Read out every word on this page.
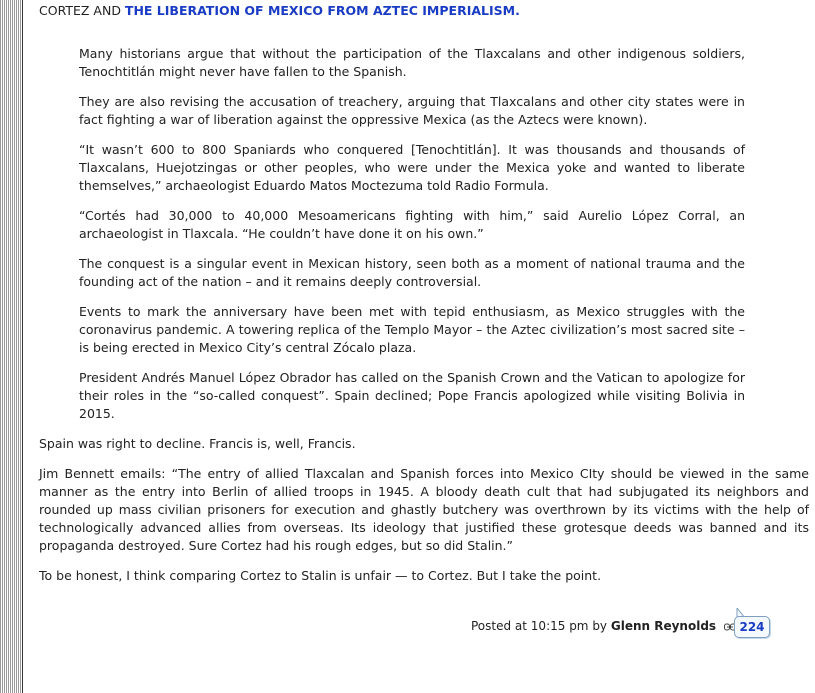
CORTEZ AND THE LIBERATION OF MEXICO FROM AZTEC IMPERIALISM.

Many historians argue that without the participation of the Tlaxcalans and other indigenous soldiers, Tenochtitlán might never have fallen to the Spanish.

They are also revising the accusation of treachery, arguing that Tlaxcalans and other city states were in fact fighting a war of liberation against the oppressive Mexica (as the Aztecs were known).

“It wasn’t 600 to 800 Spaniards who conquered [Tenochtitlán]. It was thousands and thousands of Tlaxcalans, Huejotzingas or other peoples, who were under the Mexica yoke and wanted to liberate themselves,” archaeologist Eduardo Matos Moctezuma told Radio Formula.

“Cortés had 30,000 to 40,000 Mesoamericans fighting with him,” said Aurelio López Corral, an archaeologist in Tlaxcala. “He couldn’t have done it on his own.”

The conquest is a singular event in Mexican history, seen both as a moment of national trauma and the founding act of the nation – and it remains deeply controversial.

Events to mark the anniversary have been met with tepid enthusiasm, as Mexico struggles with the coronavirus pandemic. A towering replica of the Templo Mayor – the Aztec civilization’s most sacred site – is being erected in Mexico City’s central Zócalo plaza.

President Andrés Manuel López Obrador has called on the Spanish Crown and the Vatican to apologize for their roles in the “so-called conquest”. Spain declined; Pope Francis apologized while visiting Bolivia in 2015.

Spain was right to decline. Francis is, well, Francis.

Jim Bennett emails: “The entry of allied Tlaxcalan and Spanish forces into Mexico CIty should be viewed in the same manner as the entry into Berlin of allied troops in 1945. A bloody death cult that had subjugated its neighbors and rounded up mass civilian prisoners for execution and ghastly butchery was overthrown by its victims with the help of technologically advanced allies from overseas. Its ideology that justified these grotesque deeds was banned and its propaganda destroyed. Sure Cortez had his rough edges, but so did Stalin.”

To be honest, I think comparing Cortez to Stalin is unfair — to Cortez. But I take the point.

Posted at 10:15 pm by Glenn Reynolds	224
